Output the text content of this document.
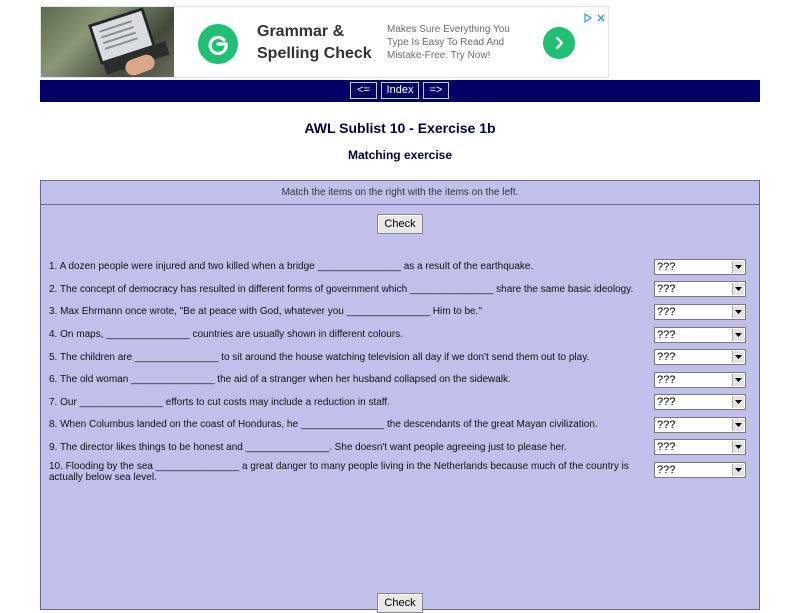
Grammar &
Spelling Check
Makes Sure Everything You
Type Is Easy To Read And
Mistake-Free. Try Now!
<=	Index	=>
AWL Sublist 10 - Exercise 1b
Matching exercise
Match the items on the right with the items on the left.
Check
1. A dozen people were injured and two killed when a bridge _______________ as a result of the earthquake.	???
2. The concept of democracy has resulted in different forms of government which _______________ share the same basic ideology.	???
3. Max Ehrmann once wrote, "Be at peace with God, whatever you _______________ Him to be."	???
4. On maps, _______________ countries are usually shown in different colours.	???
5. The children are _______________ to sit around the house watching television all day if we don't send them out to play.	???
6. The old woman _______________ the aid of a stranger when her husband collapsed on the sidewalk.	???
7. Our _______________ efforts to cut costs may include a reduction in staff.	???
8. When Columbus landed on the coast of Honduras, he _______________ the descendants of the great Mayan civilization.	???
9. The director likes things to be honest and _______________. She doesn't want people agreeing just to please her.	???
10. Flooding by the sea _______________ a great danger to many people living in the Netherlands because much of the country is actually below sea level.
???
Check
